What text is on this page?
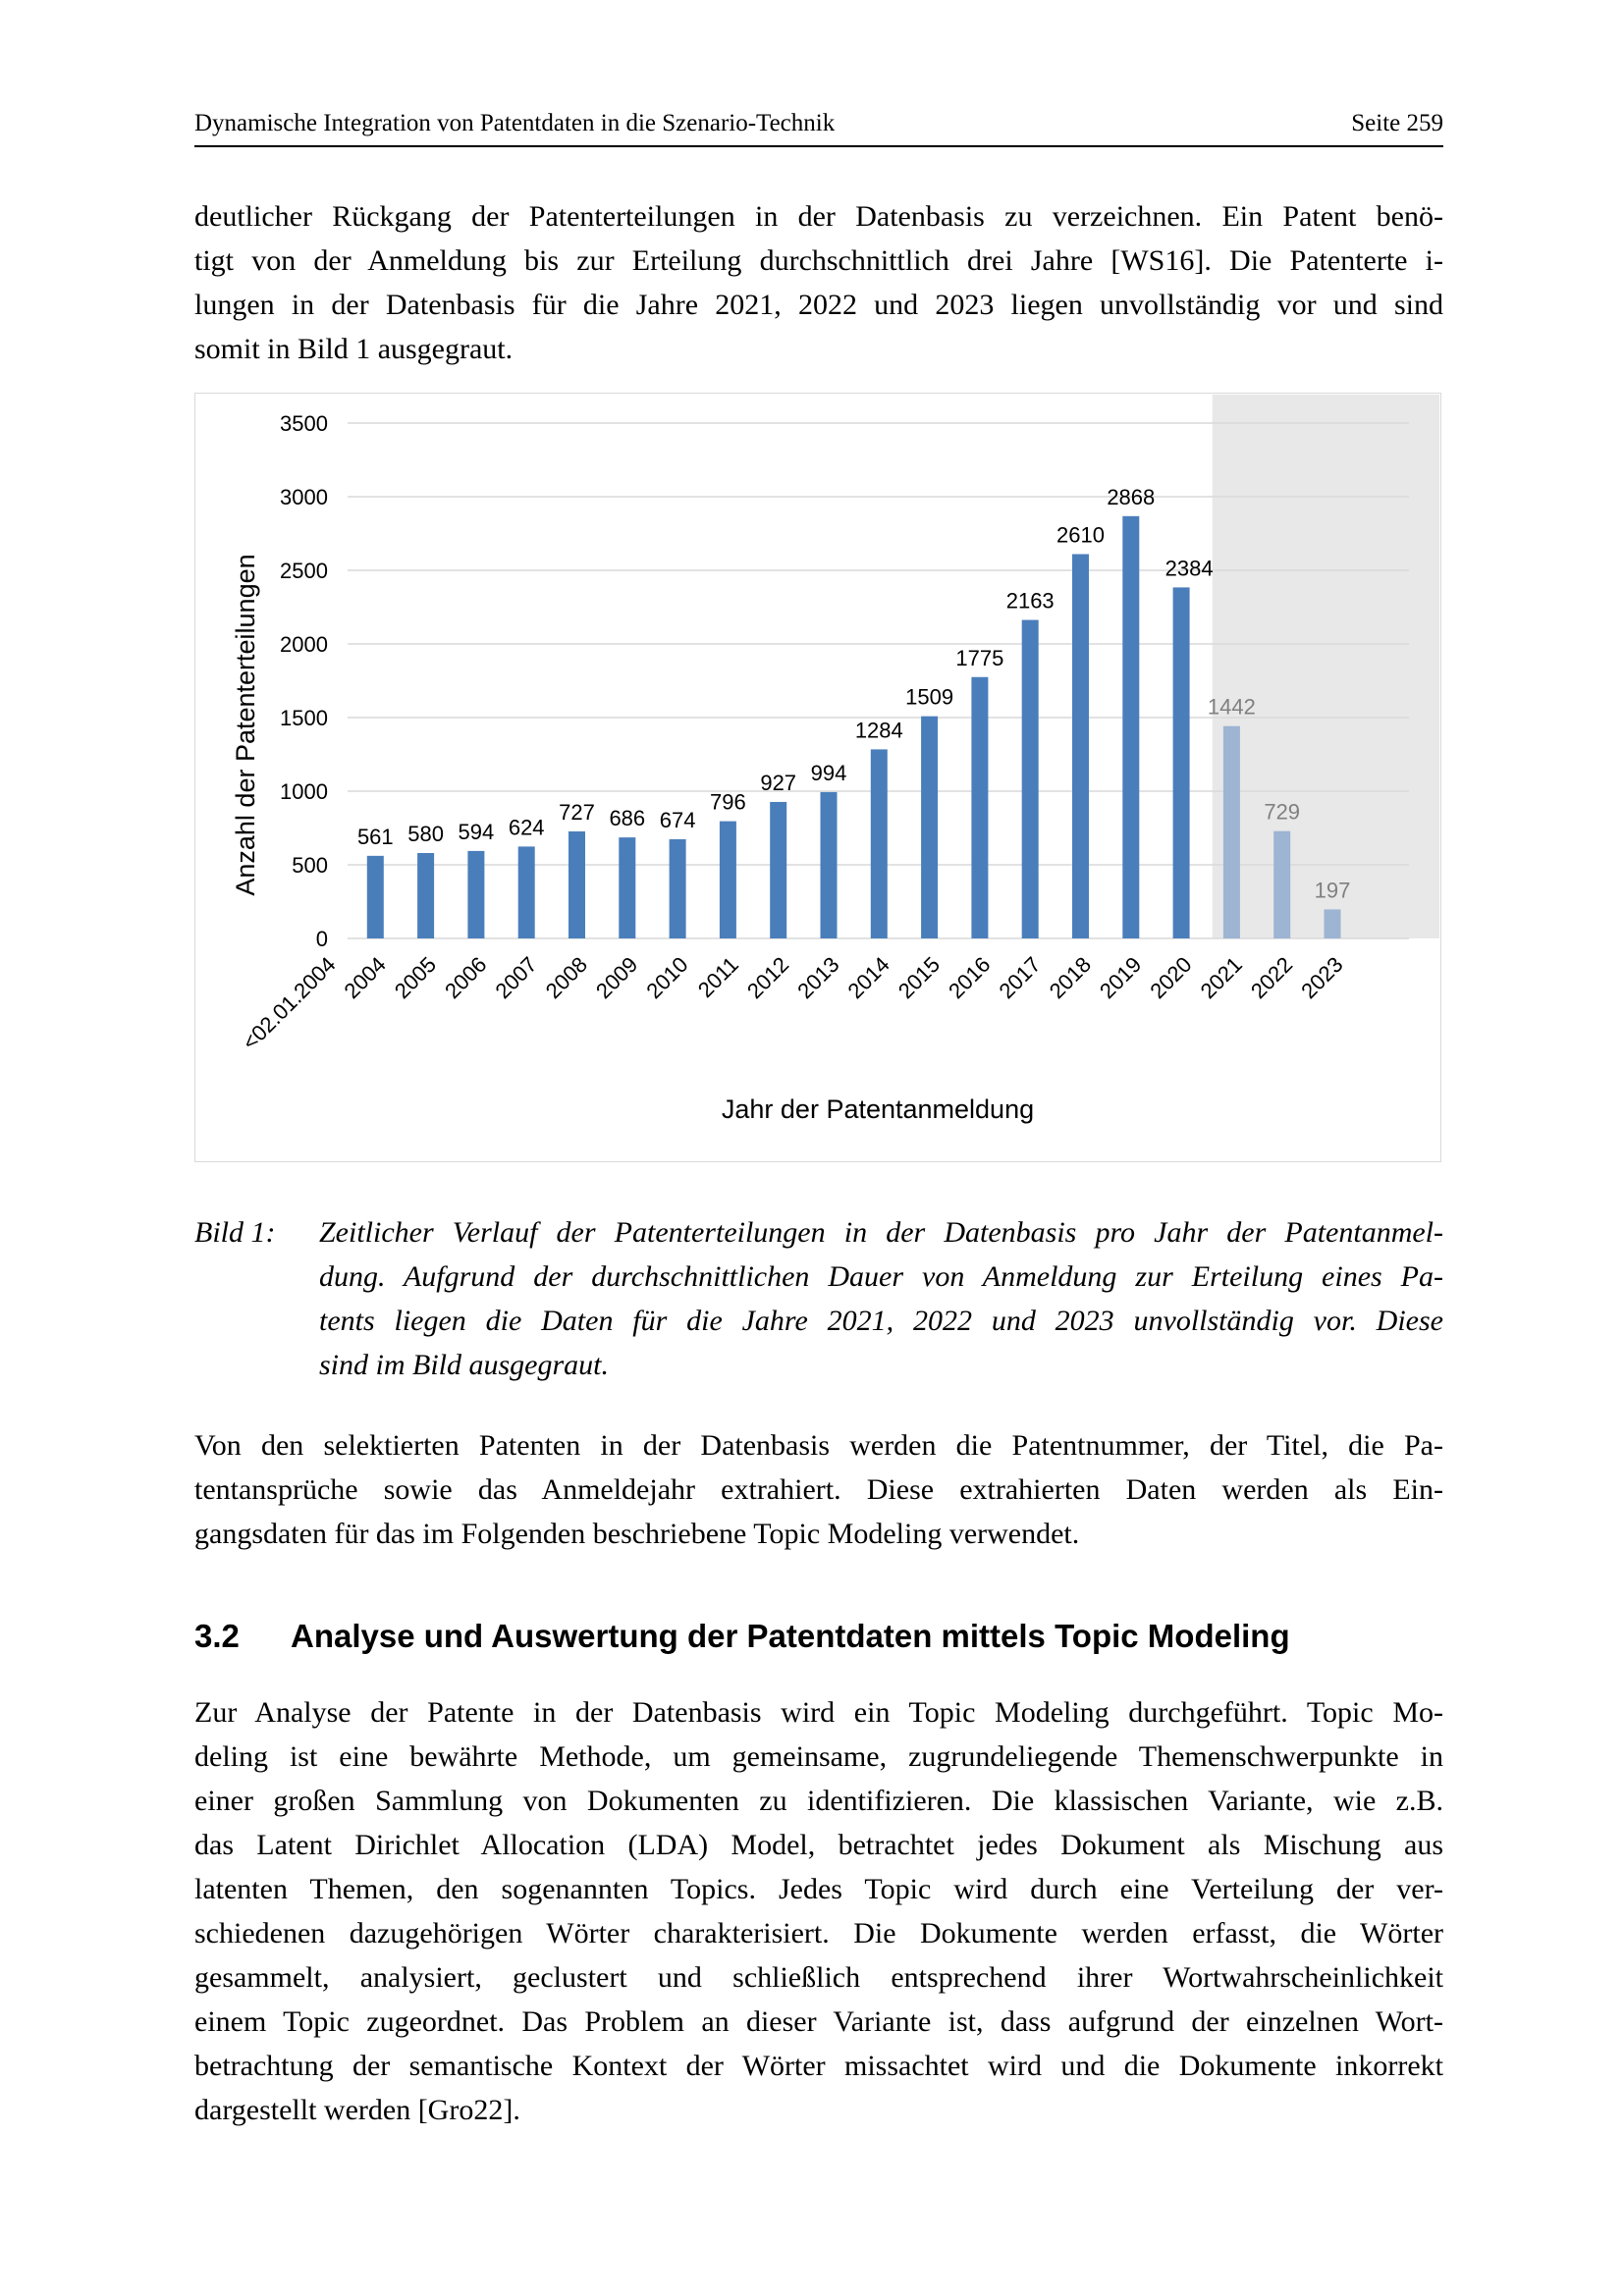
Dynamische Integration von Patentdaten in die Szenario-Technik	Seite 259
deutlicher Rückgang der Patenterteilungen in der Datenbasis zu verzeichnen. Ein Patent benö-
tigt von der Anmeldung bis zur Erteilung durchschnittlich drei Jahre [WS16]. Die Patenterte i-
lungen in der Datenbasis für die Jahre 2021, 2022 und 2023 liegen unvollständig vor und sind
somit in Bild 1 ausgegraut.
0
500
1000
1500
2000
2500
3000
3500
<02.01.2004
561
2004
580
2005
594
2006
624
2007
727
2008
686
2009
674
2010
796
2011
927
2012
994
2013
1284
2014
1509
2015
1775
2016
2163
2017
2610
2018
2868
2019
2384
2020
1442
2021
729
2022
197
2023
Jahr der Patentanmeldung
Anzahl der Patenterteilungen
Bild 1: Zeitlicher Verlauf der Patenterteilungen in der Datenbasis pro Jahr der Patentanmel-
dung. Aufgrund der durchschnittlichen Dauer von Anmeldung zur Erteilung eines Pa-
tents liegen die Daten für die Jahre 2021, 2022 und 2023 unvollständig vor. Diese
sind im Bild ausgegraut.
Von den selektierten Patenten in der Datenbasis werden die Patentnummer, der Titel, die Pa-
tentansprüche sowie das Anmeldejahr extrahiert. Diese extrahierten Daten werden als Ein-
gangsdaten für das im Folgenden beschriebene Topic Modeling verwendet.
3.2 Analyse und Auswertung der Patentdaten mittels Topic Modeling
Zur Analyse der Patente in der Datenbasis wird ein Topic Modeling durchgeführt. Topic Mo-
deling ist eine bewährte Methode, um gemeinsame, zugrundeliegende Themenschwerpunkte in
einer großen Sammlung von Dokumenten zu identifizieren. Die klassischen Variante, wie z.B.
das Latent Dirichlet Allocation (LDA) Model, betrachtet jedes Dokument als Mischung aus
latenten Themen, den sogenannten Topics. Jedes Topic wird durch eine Verteilung der ver-
schiedenen dazugehörigen Wörter charakterisiert. Die Dokumente werden erfasst, die Wörter
gesammelt, analysiert, geclustert und schließlich entsprechend ihrer Wortwahrscheinlichkeit
einem Topic zugeordnet. Das Problem an dieser Variante ist, dass aufgrund der einzelnen Wort-
betrachtung der semantische Kontext der Wörter missachtet wird und die Dokumente inkorrekt
dargestellt werden [Gro22].
